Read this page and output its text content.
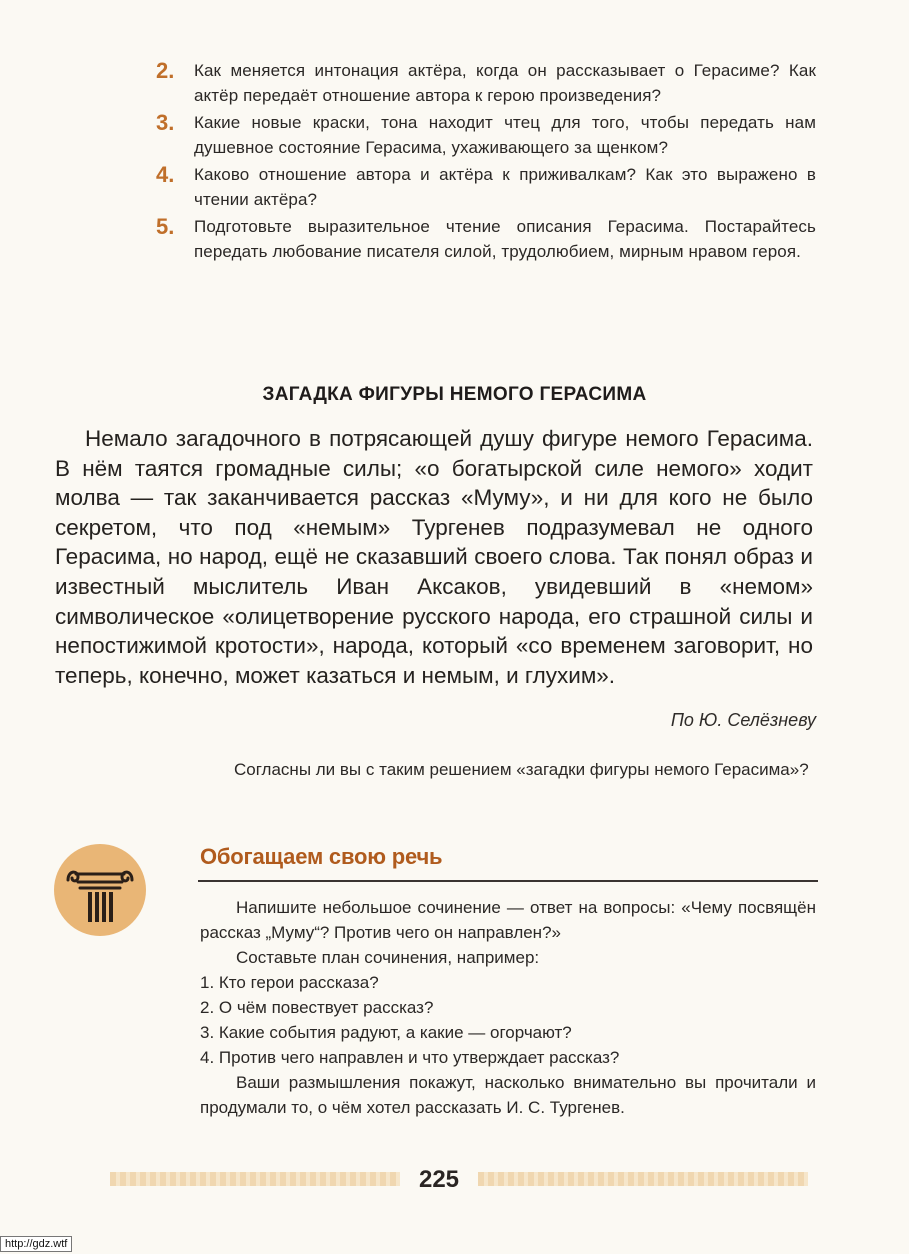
2.	Как меняется интонация актёра, когда он рассказывает о Герасиме? Как актёр передаёт отношение автора к герою произведения?
3.	Какие новые краски, тона находит чтец для того, чтобы передать нам душевное состояние Герасима, ухаживающего за щенком?
4.	Каково отношение автора и актёра к приживалкам? Как это выражено в чтении актёра?
5.	Подготовьте выразительное чтение описания Герасима. Постарайтесь передать любование писателя силой, трудолюбием, мирным нравом героя.
ЗАГАДКА ФИГУРЫ НЕМОГО ГЕРАСИМА
Немало загадочного в потрясающей душу фигуре немого Герасима. В нём таятся громадные силы; «о богатырской силе немого» ходит молва — так заканчивается рассказ «Муму», и ни для кого не было секретом, что под «немым» Тургенев подразумевал не одного Герасима, но народ, ещё не сказавший своего слова. Так понял образ и известный мыслитель Иван Аксаков, увидевший в «немом» символическое «олицетворение русского народа, его страшной силы и непостижимой кротости», народа, который «со временем заговорит, но теперь, конечно, может казаться и немым, и глухим».
По Ю. Селёзневу
Согласны ли вы с таким решением «загадки фигуры немого Герасима»?
Обогащаем свою речь

Напишите небольшое сочинение — ответ на вопросы: «Чему посвящён рассказ „Муму“? Против чего он направлен?»

Составьте план сочинения, например:

1. Кто герои рассказа?

2. О чём повествует рассказ?

3. Какие события радуют, а какие — огорчают?

4. Против чего направлен и что утверждает рассказ?

Ваши размышления покажут, насколько внимательно вы прочитали и продумали то, о чём хотел рассказать И. С. Тургенев.

225
http://gdz.wtf
